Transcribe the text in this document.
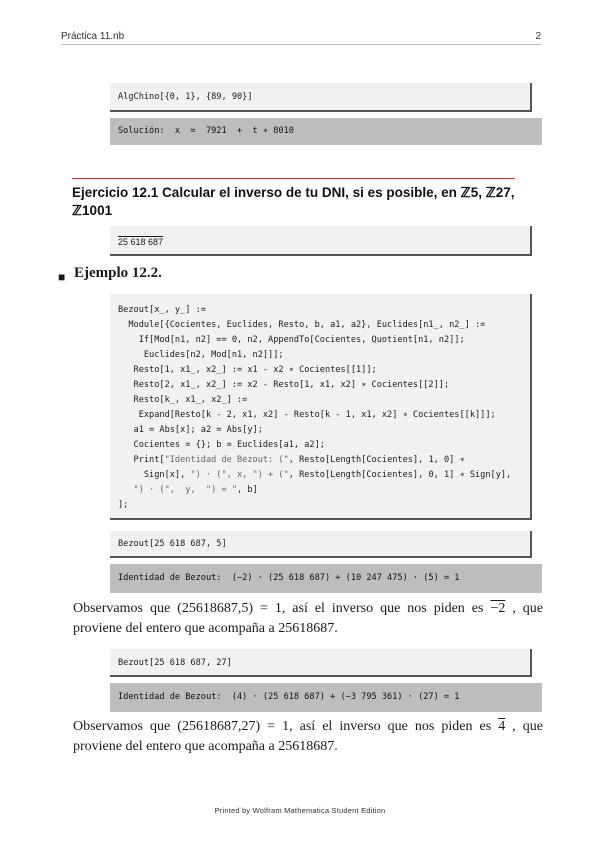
Práctica 11.nb	2
AlgChino[{0, 1}, {89, 90}]
Solución:  x  =  7921  +  t ∗ 8010
Ejercicio 12.1 Calcular el inverso de tu DNI, si es posible, en ℤ5, ℤ27, ℤ1001
25 618 687
■ Ejemplo 12.2.
Bezout[x_, y_] :=
Module[{Cocientes, Euclides, Resto, b, a1, a2}, Euclides[n1_, n2_] :=
If[Mod[n1, n2] == 0, n2, AppendTo[Cocientes, Quotient[n1, n2]];
Euclides[n2, Mod[n1, n2]]];
Resto[1, x1_, x2_] := x1 - x2 ∗ Cocientes[[1]];
Resto[2, x1_, x2_] := x2 - Resto[1, x1, x2] ∗ Cocientes[[2]];
Resto[k_, x1_, x2_] :=
Expand[Resto[k - 2, x1, x2] - Resto[k - 1, x1, x2] ∗ Cocientes[[k]]];
a1 = Abs[x]; a2 = Abs[y];
Cocientes = {}; b = Euclides[a1, a2];
Print["Identidad de Bezout: (", Resto[Length[Cocientes], 1, 0] ∗
Sign[x], ") · (", x, ") + (", Resto[Length[Cocientes], 0, 1] ∗ Sign[y],
") · (",  y,  ") = ", b]
];
Bezout[25 618 687, 5]
Identidad de Bezout:  (−2) · (25 618 687) + (10 247 475) · (5) = 1
Observamos que (25618687,5) = 1, así el inverso que nos piden es −2 , que proviene del entero que acompaña a 25618687.
Bezout[25 618 687, 27]
Identidad de Bezout:  (4) · (25 618 687) + (−3 795 361) · (27) = 1
Observamos que (25618687,27) = 1, así el inverso que nos piden es 4 , que proviene del entero que acompaña a 25618687.
Printed by Wolfram Mathematica Student Edition
